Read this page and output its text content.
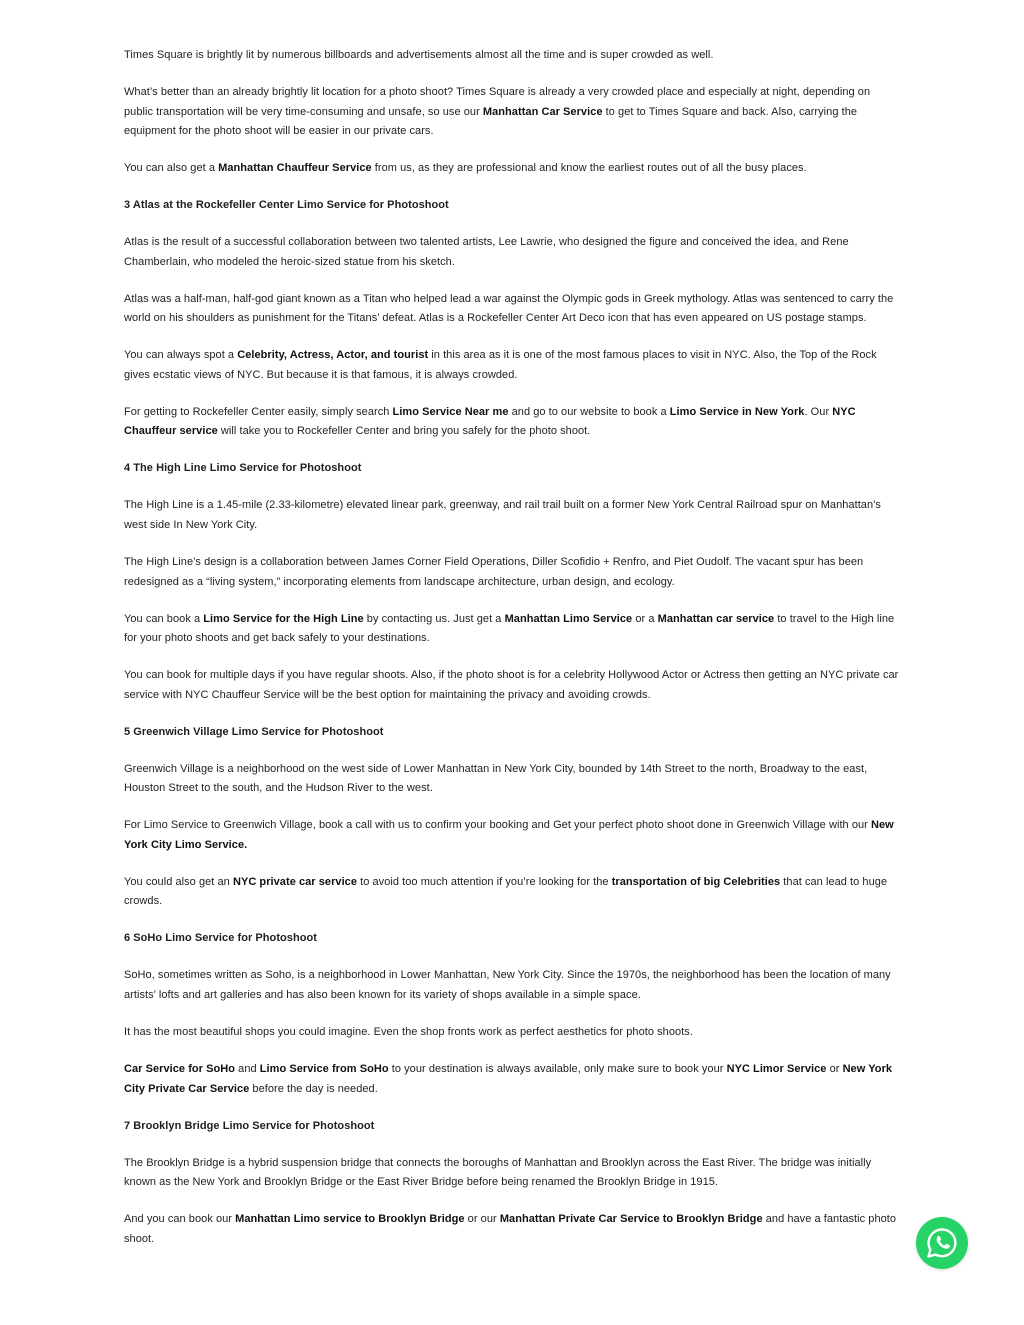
Times Square is brightly lit by numerous billboards and advertisements almost all the time and is super crowded as well.

What’s better than an already brightly lit location for a photo shoot? Times Square is already a very crowded place and especially at night, depending on public transportation will be very time-consuming and unsafe, so use our Manhattan Car Service to get to Times Square and back. Also, carrying the equipment for the photo shoot will be easier in our private cars.

You can also get a Manhattan Chauffeur Service from us, as they are professional and know the earliest routes out of all the busy places.

3 Atlas at the Rockefeller Center Limo Service for Photoshoot

Atlas is the result of a successful collaboration between two talented artists, Lee Lawrie, who designed the figure and conceived the idea, and Rene Chamberlain, who modeled the heroic-sized statue from his sketch.

Atlas was a half-man, half-god giant known as a Titan who helped lead a war against the Olympic gods in Greek mythology. Atlas was sentenced to carry the world on his shoulders as punishment for the Titans’ defeat. Atlas is a Rockefeller Center Art Deco icon that has even appeared on US postage stamps.

You can always spot a Celebrity, Actress, Actor, and tourist in this area as it is one of the most famous places to visit in NYC. Also, the Top of the Rock gives ecstatic views of NYC. But because it is that famous, it is always crowded.

For getting to Rockefeller Center easily, simply search Limo Service Near me and go to our website to book a Limo Service in New York. Our NYC Chauffeur service will take you to Rockefeller Center and bring you safely for the photo shoot.

4 The High Line Limo Service for Photoshoot

The High Line is a 1.45-mile (2.33-kilometre) elevated linear park, greenway, and rail trail built on a former New York Central Railroad spur on Manhattan’s west side In New York City.

The High Line’s design is a collaboration between James Corner Field Operations, Diller Scofidio + Renfro, and Piet Oudolf. The vacant spur has been redesigned as a “living system,” incorporating elements from landscape architecture, urban design, and ecology.

You can book a Limo Service for the High Line by contacting us. Just get a Manhattan Limo Service or a Manhattan car service to travel to the High line for your photo shoots and get back safely to your destinations.

You can book for multiple days if you have regular shoots. Also, if the photo shoot is for a celebrity Hollywood Actor or Actress then getting an NYC private car service with NYC Chauffeur Service will be the best option for maintaining the privacy and avoiding crowds.

5 Greenwich Village Limo Service for Photoshoot

Greenwich Village is a neighborhood on the west side of Lower Manhattan in New York City, bounded by 14th Street to the north, Broadway to the east, Houston Street to the south, and the Hudson River to the west.

For Limo Service to Greenwich Village, book a call with us to confirm your booking and Get your perfect photo shoot done in Greenwich Village with our New York City Limo Service.

You could also get an NYC private car service to avoid too much attention if you’re looking for the transportation of big Celebrities that can lead to huge crowds.

6 SoHo Limo Service for Photoshoot

SoHo, sometimes written as Soho, is a neighborhood in Lower Manhattan, New York City. Since the 1970s, the neighborhood has been the location of many artists’ lofts and art galleries and has also been known for its variety of shops available in a simple space.

It has the most beautiful shops you could imagine. Even the shop fronts work as perfect aesthetics for photo shoots.

Car Service for SoHo and Limo Service from SoHo to your destination is always available, only make sure to book your NYC Limor Service or New York City Private Car Service before the day is needed.

7 Brooklyn Bridge Limo Service for Photoshoot

The Brooklyn Bridge is a hybrid suspension bridge that connects the boroughs of Manhattan and Brooklyn across the East River. The bridge was initially known as the New York and Brooklyn Bridge or the East River Bridge before being renamed the Brooklyn Bridge in 1915.

And you can book our Manhattan Limo service to Brooklyn Bridge or our Manhattan Private Car Service to Brooklyn Bridge and have a fantastic photo shoot.
